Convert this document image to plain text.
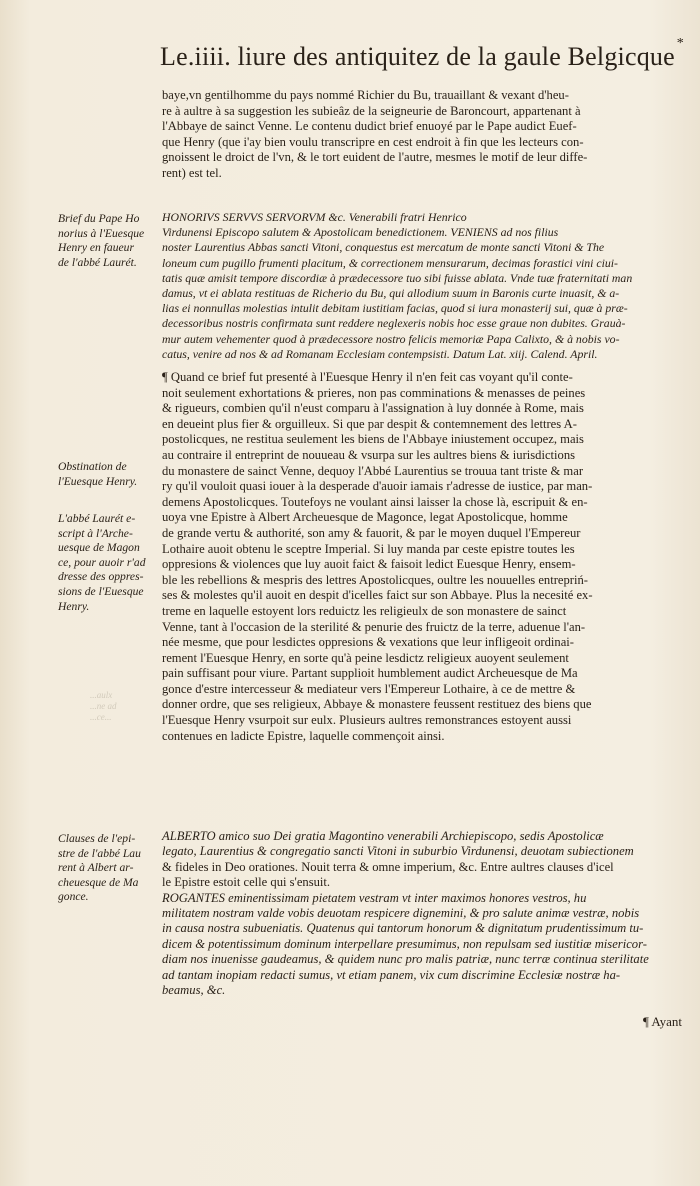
Le.iiii. liure des antiquitez de la gaule Belgicque *

baye,vn gentilhomme du pays nommé Richier du Bu, trauaillant & vexant d'heu-

re à aultre à sa suggestion les subieâz de la seigneurie de Baroncourt, appartenant à

l'Abbaye de sainct Venne. Le contenu dudict brief enuoyé par le Pape audict Euef-

que Henry (que i'ay bien voulu transcripre en cest endroit à fin que les lecteurs con-

gnoissent le droict de l'vn, & le tort euident de l'autre, mesmes le motif de leur diffe-

rent) est tel.

Brief du Pape Ho

norius à l'Euesque

Henry en faueur

de l'abbé Laurét.

HONORIVS SERVVS SERVORVM &c. Venerabili fratri Henrico

Virdunensi Episcopo salutem & Apostolicam benedictionem. VENIENS ad nos filius

noster Laurentius Abbas sancti Vitoni, conquestus est mercatum de monte sancti Vitoni & The

loneum cum pugillo frumenti placitum, & correctionem mensurarum, decimas forastici vini ciui-

tatis quæ amisit tempore discordiæ à prædecessore tuo sibi fuisse ablata. Vnde tuæ fraternitati man

damus, vt ei ablata restituas de Richerio du Bu, qui allodium suum in Baronis curte inuasit, & a-

lias ei nonnullas molestias intulit debitam iustitiam facias, quod si iura monasterij sui, quæ à præ-

decessoribus nostris confirmata sunt reddere neglexeris nobis hoc esse graue non dubites. Grauà-

mur autem vehementer quod à prædecessore nostro felicis memoriæ Papa Calixto, & à nobis vo-

catus, venire ad nos & ad Romanam Ecclesiam contempsisti. Datum Lat. xiij. Calend. April.

Obstination de

l'Euesque Henry.

L'abbé Laurét e-

script à l'Arche-

uesque de Magon

ce, pour auoir r'ad

dresse des oppres-

sions de l'Euesque

Henry.

¶ Quand ce brief fut presenté à l'Euesque Henry il n'en feit cas voyant qu'il conte-

noit seulement exhortations & prieres, non pas comminations & menasses de peines

& rigueurs, combien qu'il n'eust comparu à l'assignation à luy donnée à Rome, mais

en deueint plus fier & orguilleux. Si que par despit & contemnement des lettres A-

postolicques, ne restitua seulement les biens de l'Abbaye iniustement occupez, mais

au contraire il entreprint de nouueau & vsurpa sur les aultres biens & iurisdictions

du monastere de sainct Venne, dequoy l'Abbé Laurentius se trouua tant triste & mar

ry qu'il vouloit quasi iouer à la desperade d'auoir iamais r'adresse de iustice, par man-

demens Apostolicques. Toutefoys ne voulant ainsi laisser la chose là, escripuit & en-

uoya vne Epistre à Albert Archeuesque de Magonce, legat Apostolicque, homme

de grande vertu & authorité, son amy & fauorit, & par le moyen duquel l'Empereur

Lothaire auoit obtenu le sceptre Imperial. Si luy manda par ceste epistre toutes les

oppresions & violences que luy auoit faict & faisoit ledict Euesque Henry, ensem-

ble les rebellions & mespris des lettres Apostolicques, oultre les nouuelles entrepriń-

ses & molestes qu'il auoit en despit d'icelles faict sur son Abbaye. Plus la necesité ex-

treme en laquelle estoyent lors reduictz les religieulx de son monastere de sainct

Venne, tant à l'occasion de la sterilité & penurie des fruictz de la terre, aduenue l'an-

née mesme, que pour lesdictes oppresions & vexations que leur infligeoit ordinai-

rement l'Euesque Henry, en sorte qu'à peine lesdictz religieux auoyent seulement

pain suffisant pour viure. Partant supplioit humblement audict Archeuesque de Ma

gonce d'estre intercesseur & mediateur vers l'Empereur Lothaire, à ce de mettre &

donner ordre, que ses religieux, Abbaye & monastere feussent restituez des biens que

l'Euesque Henry vsurpoit sur eulx. Plusieurs aultres remonstrances estoyent aussi

contenues en ladicte Epistre, laquelle commençoit ainsi.

...aulx
...ne ad
...ce...

Clauses de l'epi-

stre de l'abbé Lau

rent à Albert ar-

cheuesque de Ma

gonce.

ALBERTO amico suo Dei gratia Magontino venerabili Archiepiscopo, sedis Apostolicæ

legato, Laurentius & congregatio sancti Vitoni in suburbio Virdunensi, deuotam subiectionem

& fideles in Deo orationes. Nouit terra & omne imperium, &c. Entre aultres clauses d'icel

le Epistre estoit celle qui s'ensuit.

ROGANTES eminentissimam pietatem vestram vt inter maximos honores vestros, hu

militatem nostram valde vobis deuotam respicere dignemini, & pro salute animæ vestræ, nobis

in causa nostra subueniatis. Quatenus qui tantorum honorum & dignitatum prudentissimum tu-

dicem & potentissimum dominum interpellare presumimus, non repulsam sed iustitiæ misericor-

diam nos inuenisse gaudeamus, & quidem nunc pro malis patriæ, nunc terræ continua sterilitate

ad tantam inopiam redacti sumus, vt etiam panem, vix cum discrimine Ecclesiæ nostræ ha-

beamus, &c.

¶ Ayant
